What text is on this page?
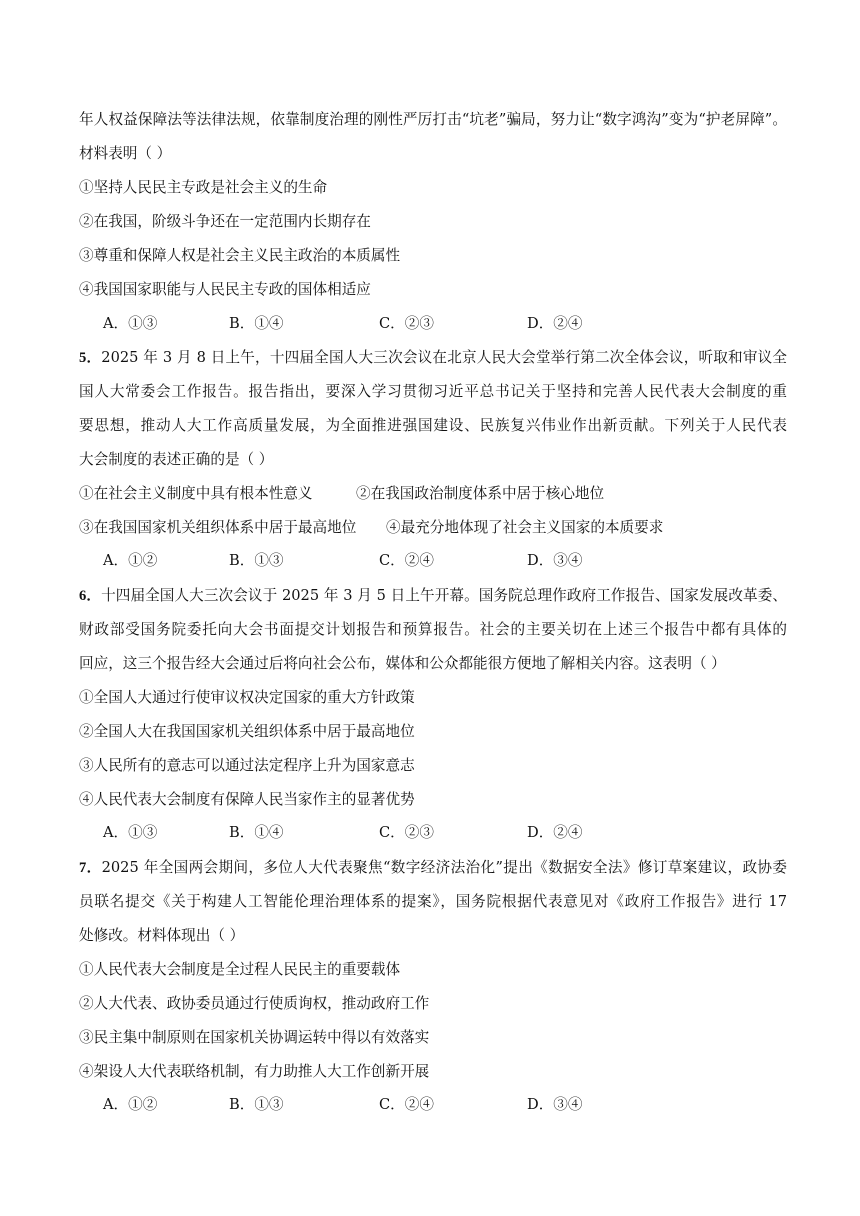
年人权益保障法等法律法规，依靠制度治理的刚性严厉打击“坑老”骗局，努力让“数字鸿沟”变为“护老屏障”。
材料表明（ ）
①坚持人民民主专政是社会主义的生命
②在我国，阶级斗争还在一定范围内长期存在
③尊重和保障人权是社会主义民主政治的本质属性
④我国国家职能与人民民主专政的国体相适应
A．①③	B．①④	C．②③	D．②④
5．2025 年 3 月 8 日上午，十四届全国人大三次会议在北京人民大会堂举行第二次全体会议，听取和审议全
国人大常委会工作报告。报告指出，要深入学习贯彻习近平总书记关于坚持和完善人民代表大会制度的重
要思想，推动人大工作高质量发展，为全面推进强国建设、民族复兴伟业作出新贡献。下列关于人民代表
大会制度的表述正确的是（ ）
①在社会主义制度中具有根本性意义	②在我国政治制度体系中居于核心地位
③在我国国家机关组织体系中居于最高地位 ④最充分地体现了社会主义国家的本质要求
A．①②	B．①③	C．②④	D．③④
6．十四届全国人大三次会议于 2025 年 3 月 5 日上午开幕。国务院总理作政府工作报告、国家发展改革委、
财政部受国务院委托向大会书面提交计划报告和预算报告。社会的主要关切在上述三个报告中都有具体的
回应，这三个报告经大会通过后将向社会公布，媒体和公众都能很方便地了解相关内容。这表明（ ）
①全国人大通过行使审议权决定国家的重大方针政策
②全国人大在我国国家机关组织体系中居于最高地位
③人民所有的意志可以通过法定程序上升为国家意志
④人民代表大会制度有保障人民当家作主的显著优势
A．①③	B．①④	C．②③	D．②④
7．2025 年全国两会期间，多位人大代表聚焦“数字经济法治化”提出《数据安全法》修订草案建议，政协委
员联名提交《关于构建人工智能伦理治理体系的提案》，国务院根据代表意见对《政府工作报告》进行 17
处修改。材料体现出（ ）
①人民代表大会制度是全过程人民民主的重要载体
②人大代表、政协委员通过行使质询权，推动政府工作
③民主集中制原则在国家机关协调运转中得以有效落实
④架设人大代表联络机制，有力助推人大工作创新开展
A．①②	B．①③	C．②④	D．③④
